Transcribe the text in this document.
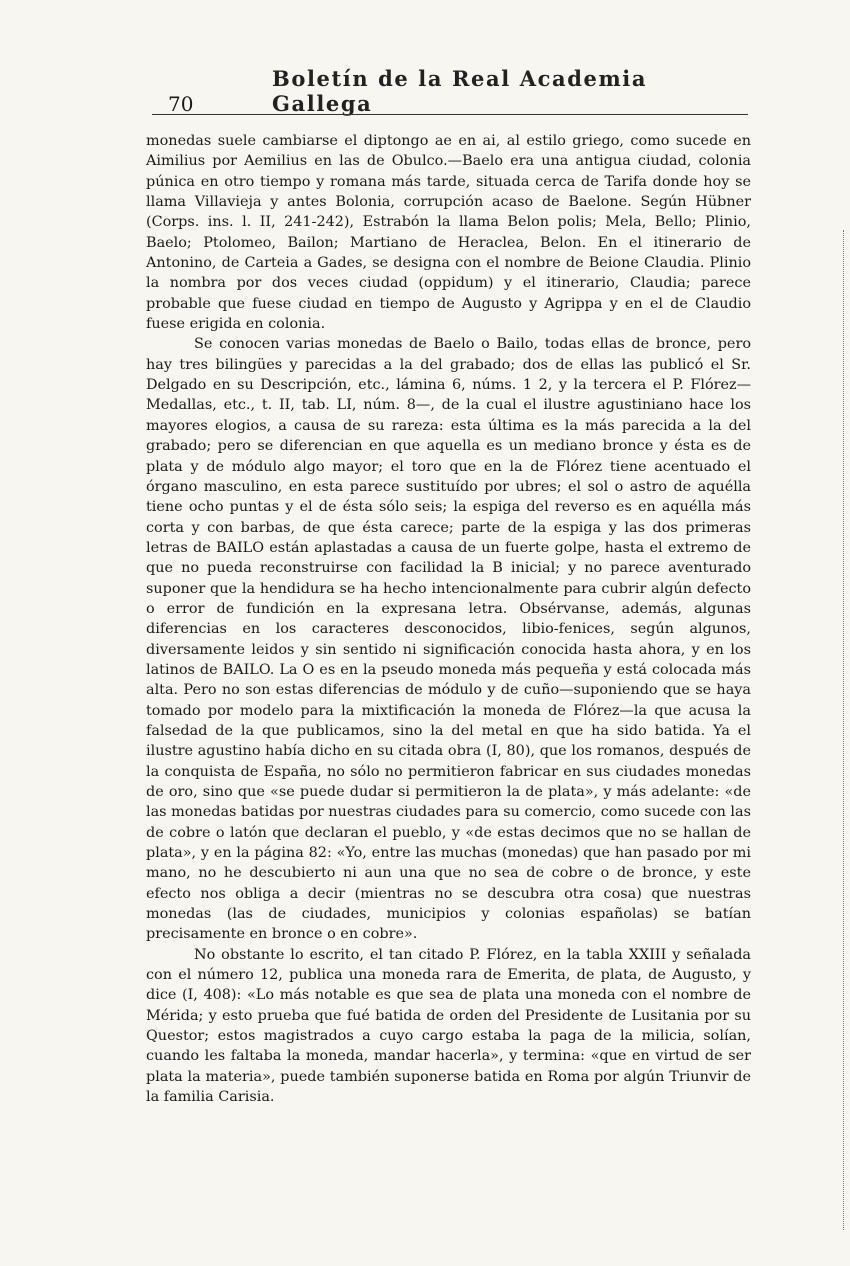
70
Boletín de la Real Academia Gallega

monedas suele cambiarse el diptongo ae en ai, al estilo griego, como sucede en Aimilius por Aemilius en las de Obulco.—Baelo era una antigua ciudad, colonia púnica en otro tiempo y romana más tarde, situada cerca de Tarifa donde hoy se llama Villavieja y antes Bolonia, corrupción acaso de Baelone. Según Hübner (Corps. ins. l. II, 241-242), Estrabón la llama Belon polis; Mela, Bello; Plinio, Baelo; Ptolomeo, Bailon; Martiano de Heraclea, Belon. En el itinerario de Antonino, de Carteia a Gades, se designa con el nombre de Beione Claudia. Plinio la nombra por dos veces ciudad (oppidum) y el itinerario, Claudia; parece probable que fuese ciudad en tiempo de Augusto y Agrippa y en el de Claudio fuese erigida en colonia.

Se conocen varias monedas de Baelo o Bailo, todas ellas de bronce, pero hay tres bilingües y parecidas a la del grabado; dos de ellas las publicó el Sr. Delgado en su Descripción, etc., lámina 6, núms. 1 2, y la tercera el P. Flórez—Medallas, etc., t. II, tab. LI, núm. 8—, de la cual el ilustre agustiniano hace los mayores elogios, a causa de su rareza: esta última es la más parecida a la del grabado; pero se diferencian en que aquella es un mediano bronce y ésta es de plata y de módulo algo mayor; el toro que en la de Flórez tiene acentuado el órgano masculino, en esta parece sustituído por ubres; el sol o astro de aquélla tiene ocho puntas y el de ésta sólo seis; la espiga del reverso es en aquélla más corta y con barbas, de que ésta carece; parte de la espiga y las dos primeras letras de BAILO están aplastadas a causa de un fuerte golpe, hasta el extremo de que no pueda reconstruirse con facilidad la B inicial; y no parece aventurado suponer que la hendidura se ha hecho intencionalmente para cubrir algún defecto o error de fundición en la expresana letra. Obsérvanse, además, algunas diferencias en los caracteres desconocidos, libio-fenices, según algunos, diversamente leidos y sin sentido ni significación conocida hasta ahora, y en los latinos de BAILO. La O es en la pseudo moneda más pequeña y está colocada más alta. Pero no son estas diferencias de módulo y de cuño—suponiendo que se haya tomado por modelo para la mixtificación la moneda de Flórez—la que acusa la falsedad de la que publicamos, sino la del metal en que ha sido batida. Ya el ilustre agustino había dicho en su citada obra (I, 80), que los romanos, después de la conquista de España, no sólo no permitieron fabricar en sus ciudades monedas de oro, sino que «se puede dudar si permitieron la de plata», y más adelante: «de las monedas batidas por nuestras ciudades para su comercio, como sucede con las de cobre o latón que declaran el pueblo, y «de estas decimos que no se hallan de plata», y en la página 82: «Yo, entre las muchas (monedas) que han pasado por mi mano, no he descubierto ni aun una que no sea de cobre o de bronce, y este efecto nos obliga a decir (mientras no se descubra otra cosa) que nuestras monedas (las de ciudades, municipios y colonias españolas) se batían precisamente en bronce o en cobre».

No obstante lo escrito, el tan citado P. Flórez, en la tabla XXIII y señalada con el número 12, publica una moneda rara de Emerita, de plata, de Augusto, y dice (I, 408): «Lo más notable es que sea de plata una moneda con el nombre de Mérida; y esto prueba que fué batida de orden del Presidente de Lusitania por su Questor; estos magistrados a cuyo cargo estaba la paga de la milicia, solían, cuando les faltaba la moneda, mandar hacerla», y termina: «que en virtud de ser plata la materia», puede también suponerse batida en Roma por algún Triunvir de la familia Carisia.
